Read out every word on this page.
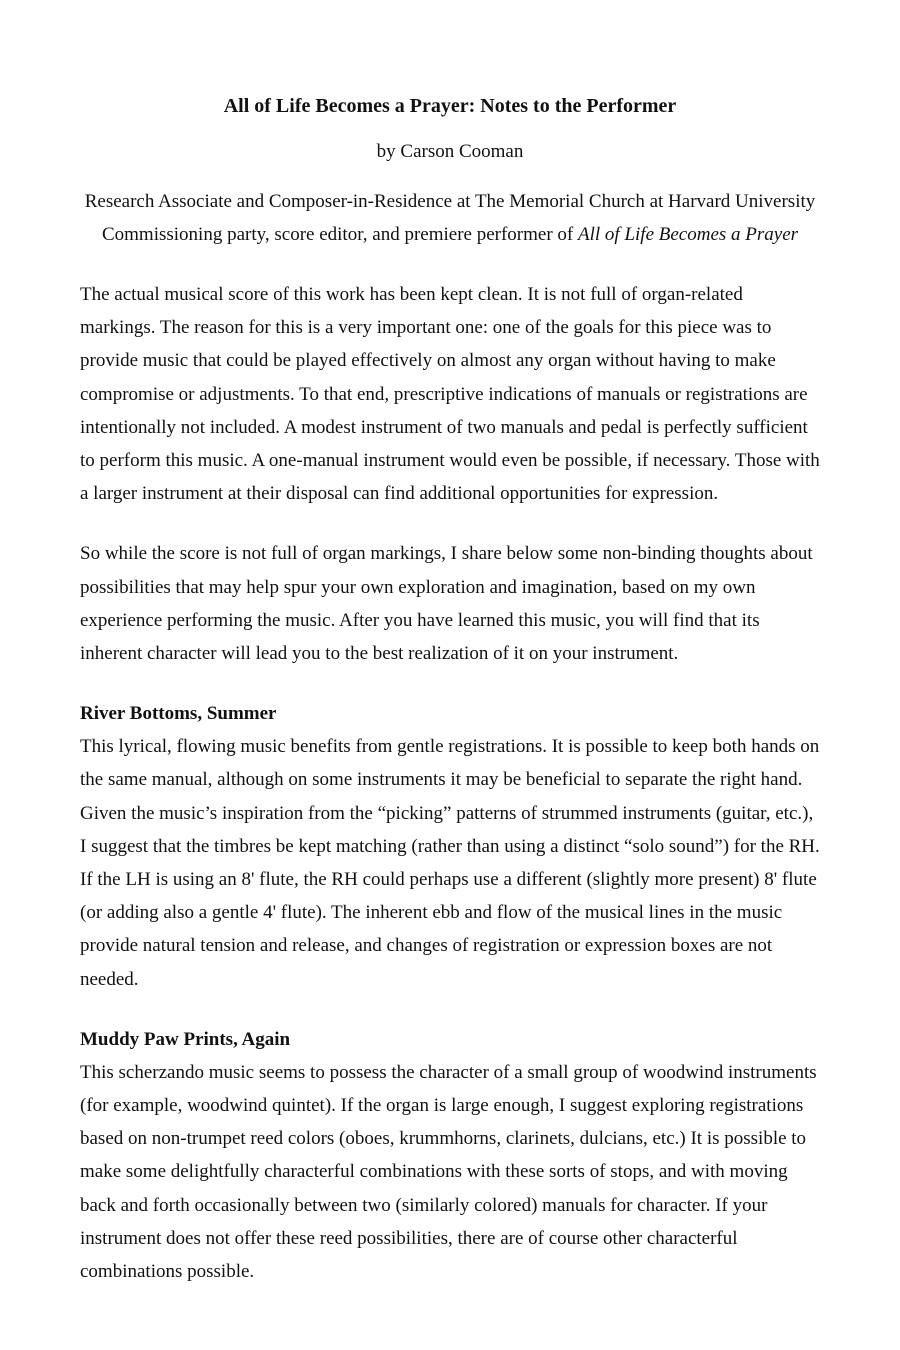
All of Life Becomes a Prayer: Notes to the Performer
by Carson Cooman
Research Associate and Composer-in-Residence at The Memorial Church at Harvard University
Commissioning party, score editor, and premiere performer of All of Life Becomes a Prayer

The actual musical score of this work has been kept clean. It is not full of organ-related markings. The reason for this is a very important one: one of the goals for this piece was to provide music that could be played effectively on almost any organ without having to make compromise or adjustments. To that end, prescriptive indications of manuals or registrations are intentionally not included. A modest instrument of two manuals and pedal is perfectly sufficient to perform this music. A one-manual instrument would even be possible, if necessary. Those with a larger instrument at their disposal can find additional opportunities for expression.

So while the score is not full of organ markings, I share below some non-binding thoughts about possibilities that may help spur your own exploration and imagination, based on my own experience performing the music. After you have learned this music, you will find that its inherent character will lead you to the best realization of it on your instrument.

River Bottoms, Summer

This lyrical, flowing music benefits from gentle registrations. It is possible to keep both hands on the same manual, although on some instruments it may be beneficial to separate the right hand. Given the music’s inspiration from the “picking” patterns of strummed instruments (guitar, etc.), I suggest that the timbres be kept matching (rather than using a distinct “solo sound”) for the RH. If the LH is using an 8' flute, the RH could perhaps use a different (slightly more present) 8' flute (or adding also a gentle 4' flute). The inherent ebb and flow of the musical lines in the music provide natural tension and release, and changes of registration or expression boxes are not needed.

Muddy Paw Prints, Again

This scherzando music seems to possess the character of a small group of woodwind instruments (for example, woodwind quintet). If the organ is large enough, I suggest exploring registrations based on non-trumpet reed colors (oboes, krummhorns, clarinets, dulcians, etc.) It is possible to make some delightfully characterful combinations with these sorts of stops, and with moving back and forth occasionally between two (similarly colored) manuals for character. If your instrument does not offer these reed possibilities, there are of course other characterful combinations possible.
